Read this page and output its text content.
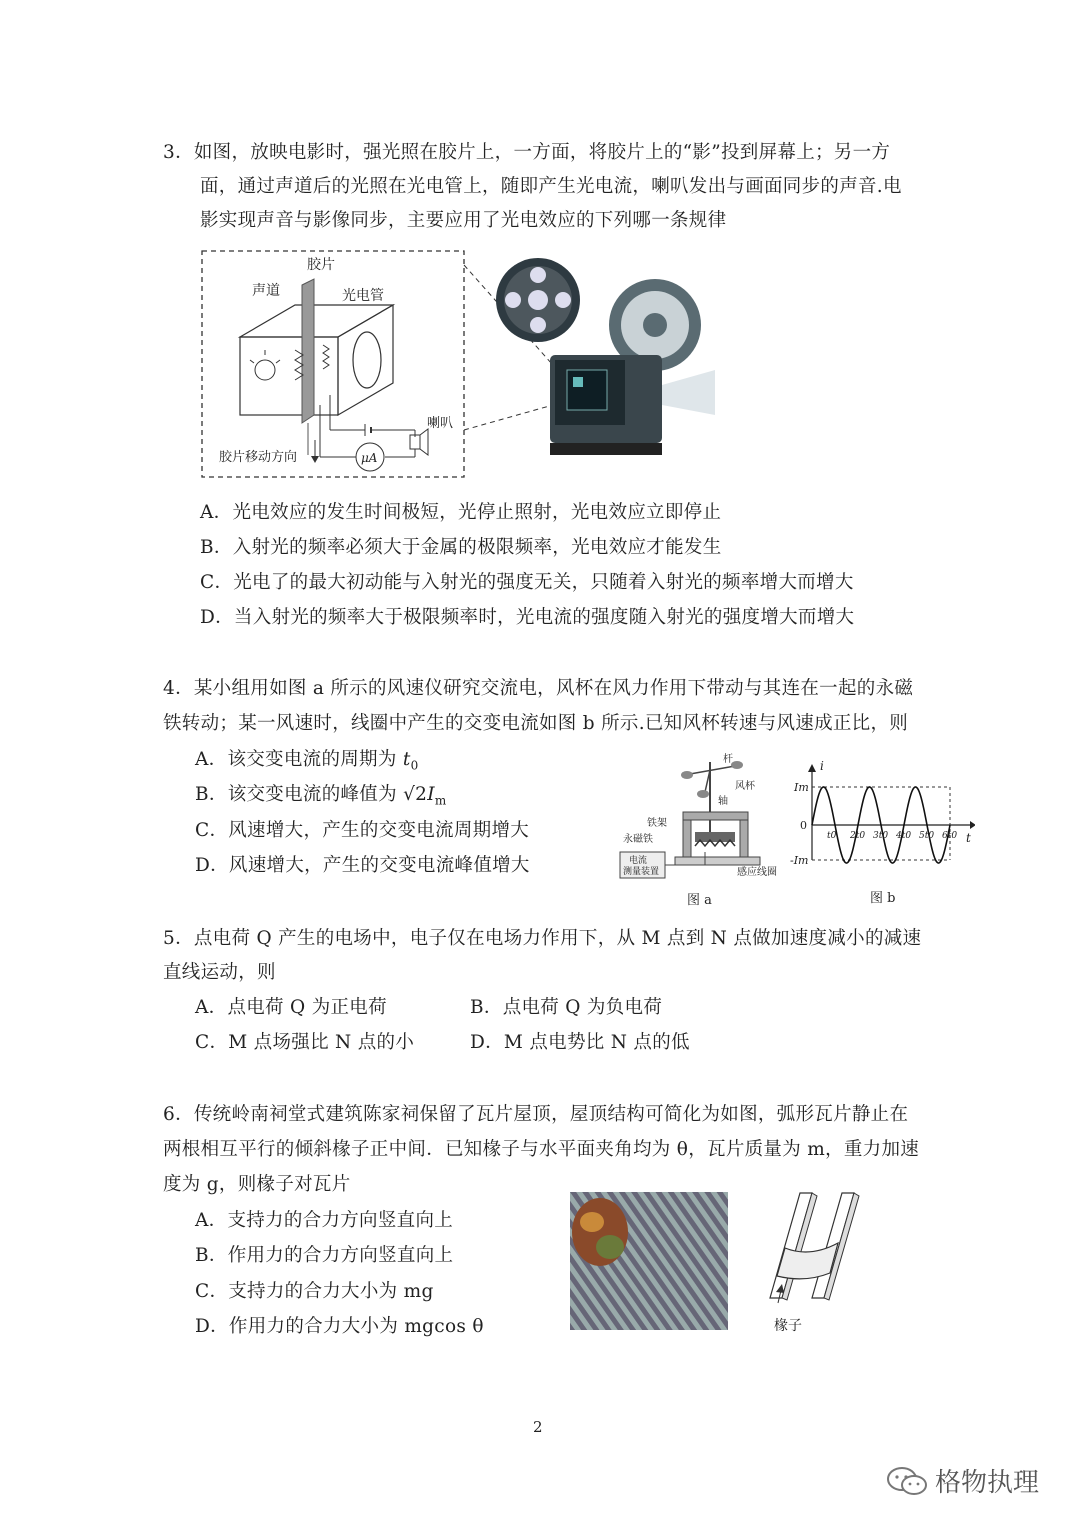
3．如图，放映电影时，强光照在胶片上，一方面，将胶片上的“影”投到屏幕上；另一方
面，通过声道后的光照在光电管上，随即产生光电流，喇叭发出与画面同步的声音.电
影实现声音与影像同步，主要应用了光电效应的下列哪一条规律
胶片
声道	光电管
喇叭
μA
胶片移动方向
A．光电效应的发生时间极短，光停止照射，光电效应立即停止
B．入射光的频率必须大于金属的极限频率，光电效应才能发生
C．光电了的最大初动能与入射光的强度无关，只随着入射光的频率增大而增大
D．当入射光的频率大于极限频率时，光电流的强度随入射光的强度增大而增大
4．某小组用如图 a 所示的风速仪研究交流电，风杯在风力作用下带动与其连在一起的永磁
铁转动；某一风速时，线圈中产生的交变电流如图 b 所示.已知风杯转速与风速成正比，则
A．该交变电流的周期为 $t_0$
B．该交变电流的峰值为 $√2I_m$
C．风速增大，产生的交变电流周期增大
D．风速增大，产生的交变电流峰值增大
杆
风杯
轴
铁架
永磁铁
感应线圈
电流
测量装置
图 a
i
t
Im
-Im
0
t0 2t0 3t0 4t0 5t0 6t0
图 b
5．点电荷 Q 产生的电场中，电子仅在电场力作用下，从 M 点到 N 点做加速度减小的减速
直线运动，则
A．点电荷 Q 为正电荷	B．点电荷 Q 为负电荷
C．M 点场强比 N 点的小	D．M 点电势比 N 点的低
6．传统岭南祠堂式建筑陈家祠保留了瓦片屋顶，屋顶结构可简化为如图，弧形瓦片静止在
两根相互平行的倾斜椽子正中间．已知椽子与水平面夹角均为 θ，瓦片质量为 m，重力加速
度为 g，则椽子对瓦片
A．支持力的合力方向竖直向上
B．作用力的合力方向竖直向上
C．支持力的合力大小为 mg
D．作用力的合力大小为 mgcos θ	椽子
2
格物执理
